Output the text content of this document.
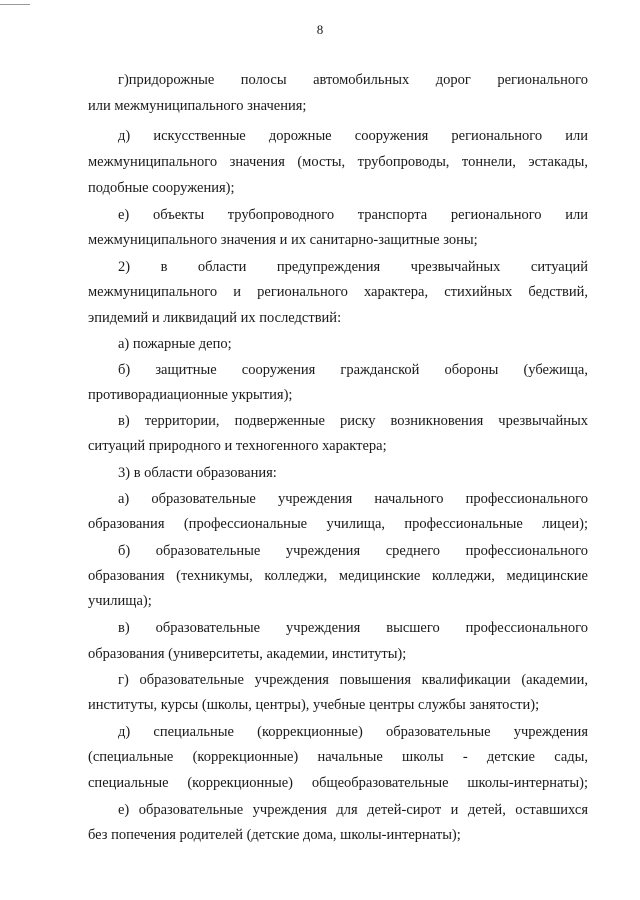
8
г)придорожные полосы автомобильных дорог регионального
или межмуниципального значения;
д) искусственные дорожные сооружения регионального или
межмуниципального значения (мосты, трубопроводы, тоннели, эстакады,
подобные сооружения);
е) объекты трубопроводного транспорта регионального или
межмуниципального значения и их санитарно-защитные зоны;
2) в области предупреждения чрезвычайных ситуаций
межмуниципального и регионального характера, стихийных бедствий,
эпидемий и ликвидаций их последствий:
а) пожарные депо;
б) защитные сооружения гражданской обороны (убежища,
противорадиационные укрытия);
в) территории, подверженные риску возникновения чрезвычайных
ситуаций природного и техногенного характера;
3) в области образования:
а) образовательные учреждения начального профессионального
образования (профессиональные училища, профессиональные лицеи);
б) образовательные учреждения среднего профессионального
образования (техникумы, колледжи, медицинские колледжи, медицинские
училища);
в) образовательные учреждения высшего профессионального
образования (университеты, академии, институты);
г) образовательные учреждения повышения квалификации (академии,
институты, курсы (школы, центры), учебные центры службы занятости);
д) специальные (коррекционные) образовательные учреждения
(специальные (коррекционные) начальные школы - детские сады,
специальные (коррекционные) общеобразовательные школы-интернаты);
е) образовательные учреждения для детей-сирот и детей, оставшихся
без попечения родителей (детские дома, школы-интернаты);
